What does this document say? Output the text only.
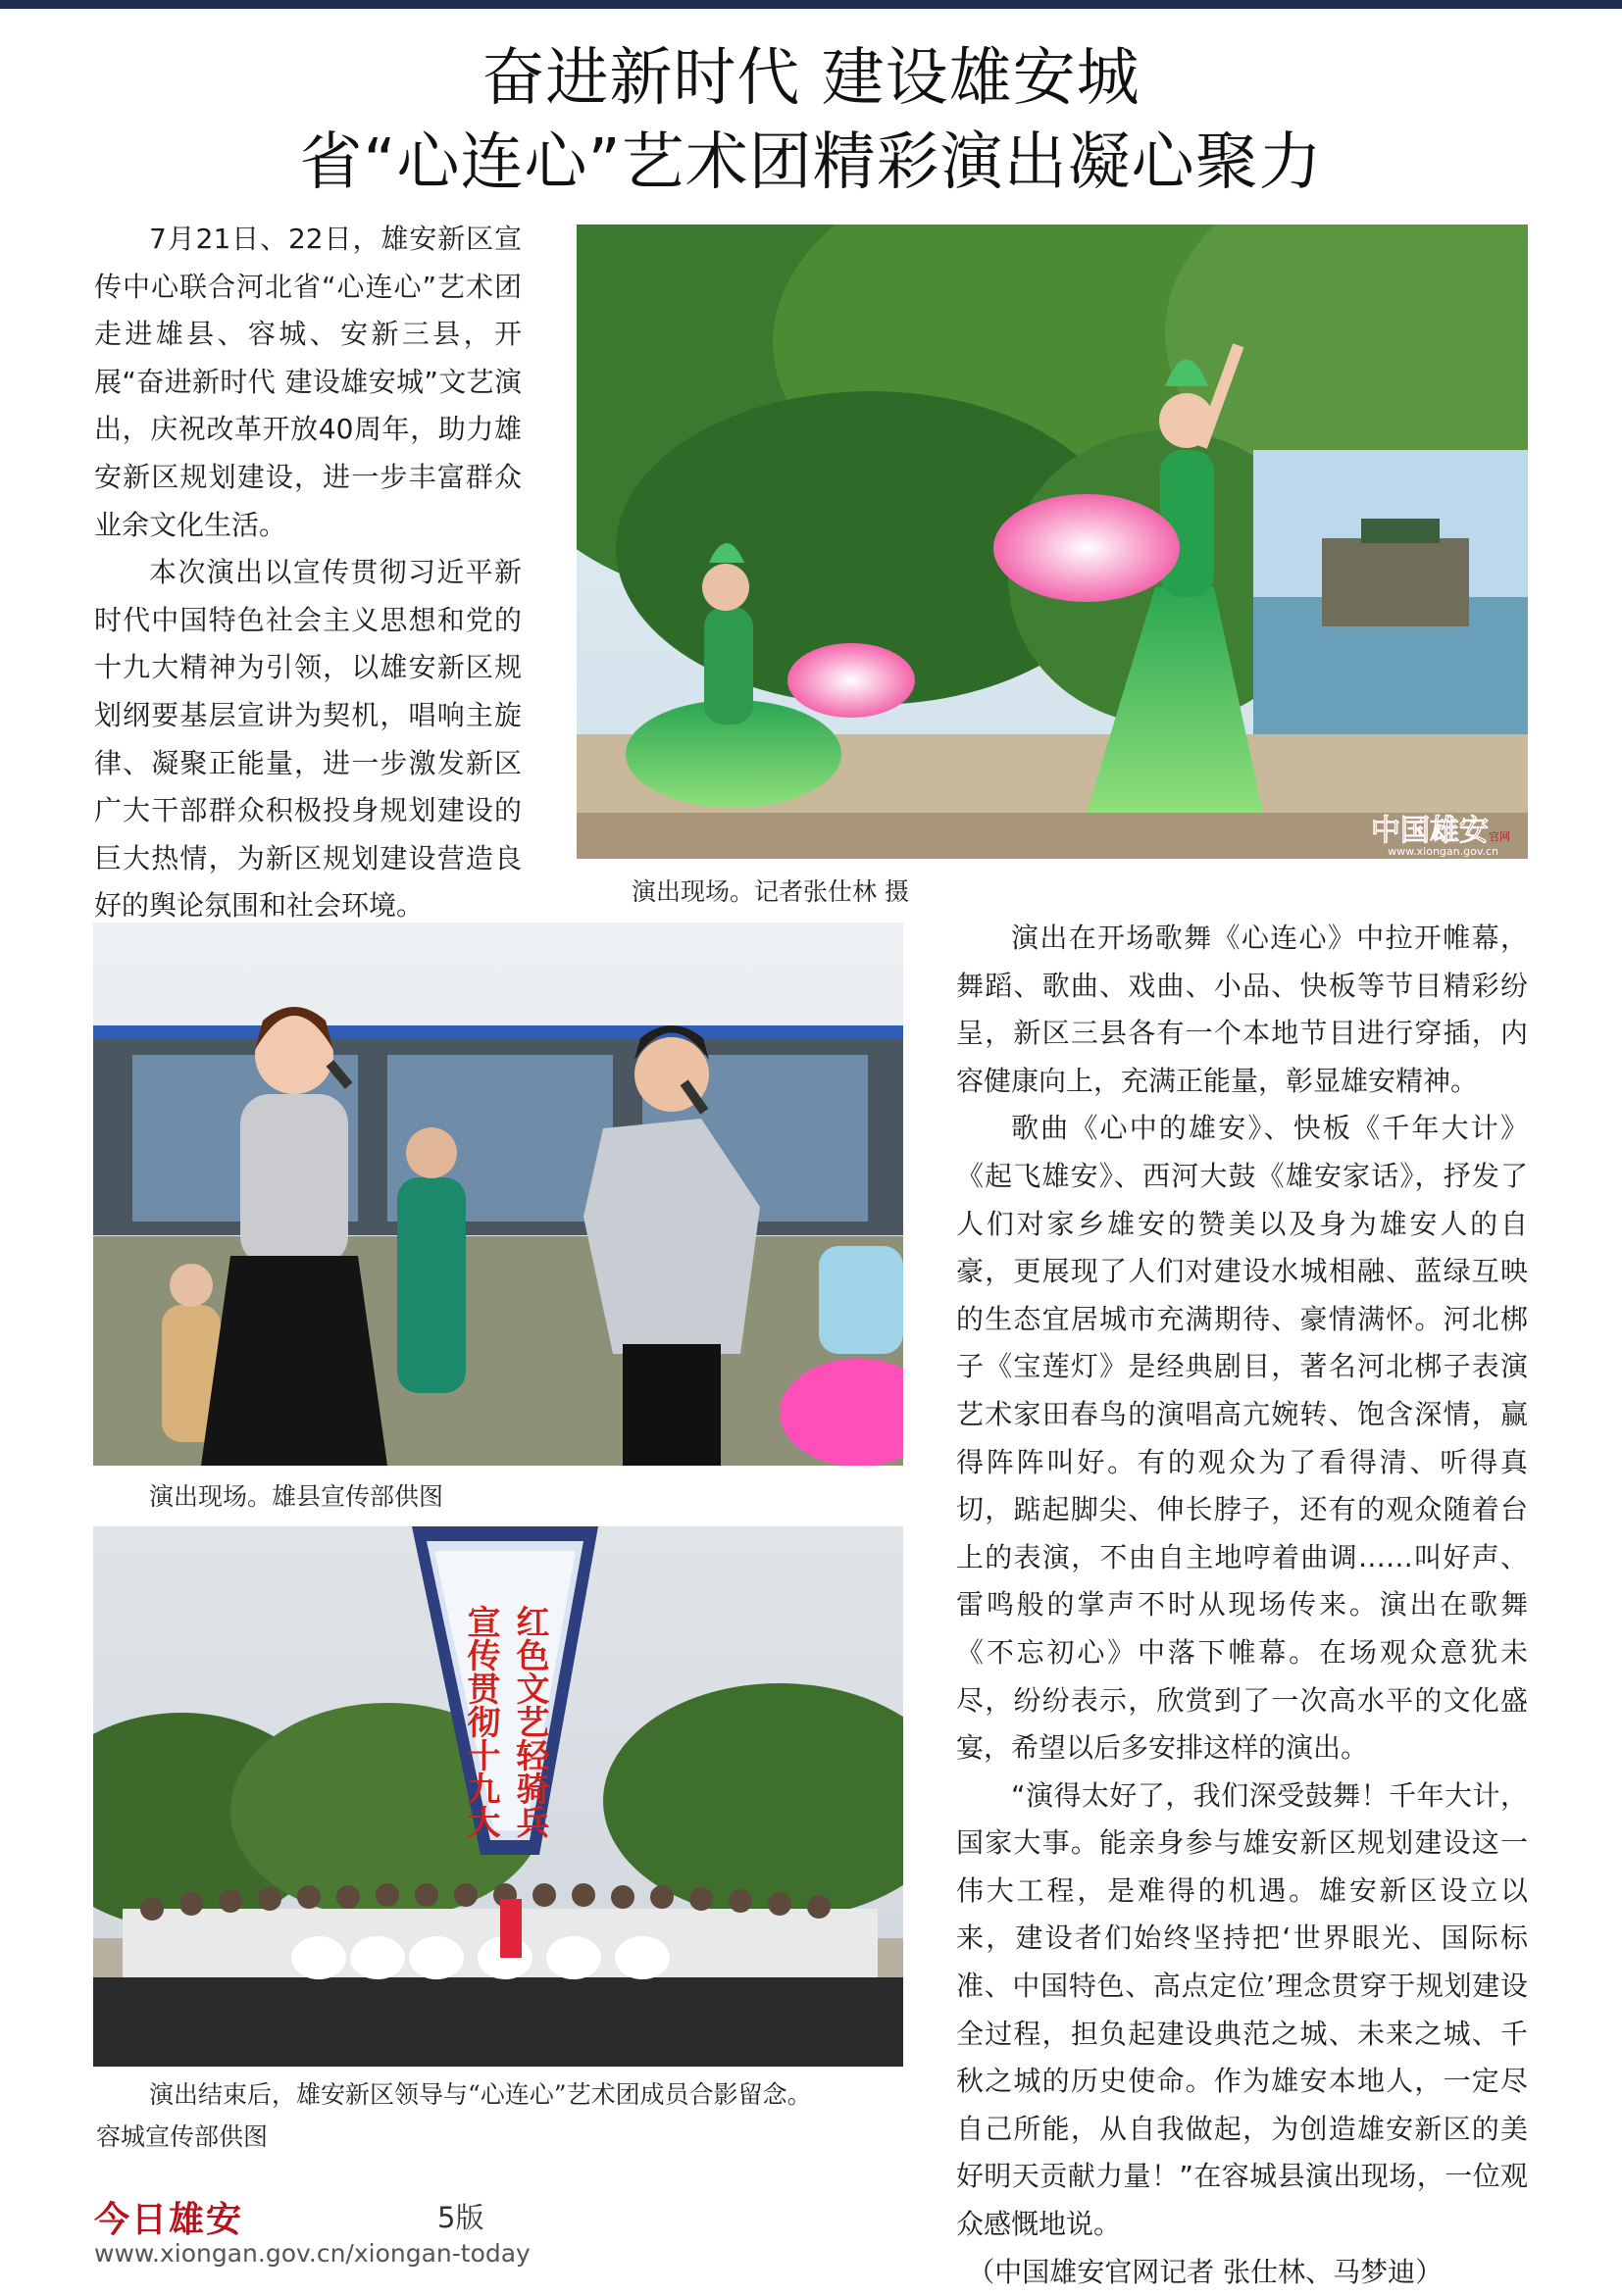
奋进新时代 建设雄安城
省“心连心”艺术团精彩演出凝心聚力

7月21日、22日，雄安新区宣传中心联合河北省“心连心”艺术团走进雄县、容城、安新三县，开展“奋进新时代 建设雄安城”文艺演出，庆祝改革开放40周年，助力雄安新区规划建设，进一步丰富群众业余文化生活。

本次演出以宣传贯彻习近平新时代中国特色社会主义思想和党的十九大精神为引领，以雄安新区规划纲要基层宣讲为契机，唱响主旋律、凝聚正能量，进一步激发新区广大干部群众积极投身规划建设的巨大热情，为新区规划建设营造良好的舆论氛围和社会环境。

中国雄安 官网
www.xiongan.gov.cn
演出现场。记者张仕林 摄
演出现场。雄县宣传部供图
宣传贯彻十九大 红色文艺轻骑兵
演出结束后，雄安新区领导与“心连心”艺术团成员合影留念。
容城宣传部供图

演出在开场歌舞《心连心》中拉开帷幕，舞蹈、歌曲、戏曲、小品、快板等节目精彩纷呈，新区三县各有一个本地节目进行穿插，内容健康向上，充满正能量，彰显雄安精神。

歌曲《心中的雄安》、快板《千年大计》《起飞雄安》、西河大鼓《雄安家话》，抒发了人们对家乡雄安的赞美以及身为雄安人的自豪，更展现了人们对建设水城相融、蓝绿互映的生态宜居城市充满期待、豪情满怀。河北梆子《宝莲灯》是经典剧目，著名河北梆子表演艺术家田春鸟的演唱高亢婉转、饱含深情，赢得阵阵叫好。有的观众为了看得清、听得真切，踮起脚尖、伸长脖子，还有的观众随着台上的表演，不由自主地哼着曲调……叫好声、雷鸣般的掌声不时从现场传来。演出在歌舞《不忘初心》中落下帷幕。在场观众意犹未尽，纷纷表示，欣赏到了一次高水平的文化盛宴，希望以后多安排这样的演出。

“演得太好了，我们深受鼓舞！千年大计，国家大事。能亲身参与雄安新区规划建设这一伟大工程，是难得的机遇。雄安新区设立以来，建设者们始终坚持把‘世界眼光、国际标准、中国特色、高点定位’理念贯穿于规划建设全过程，担负起建设典范之城、未来之城、千秋之城的历史使命。作为雄安本地人，一定尽自己所能，从自我做起，为创造雄安新区的美好明天贡献力量！”在容城县演出现场，一位观众感慨地说。

（中国雄安官网记者 张仕林、马梦迪）

今日雄安	5版
www.xiongan.gov.cn/xiongan-today
